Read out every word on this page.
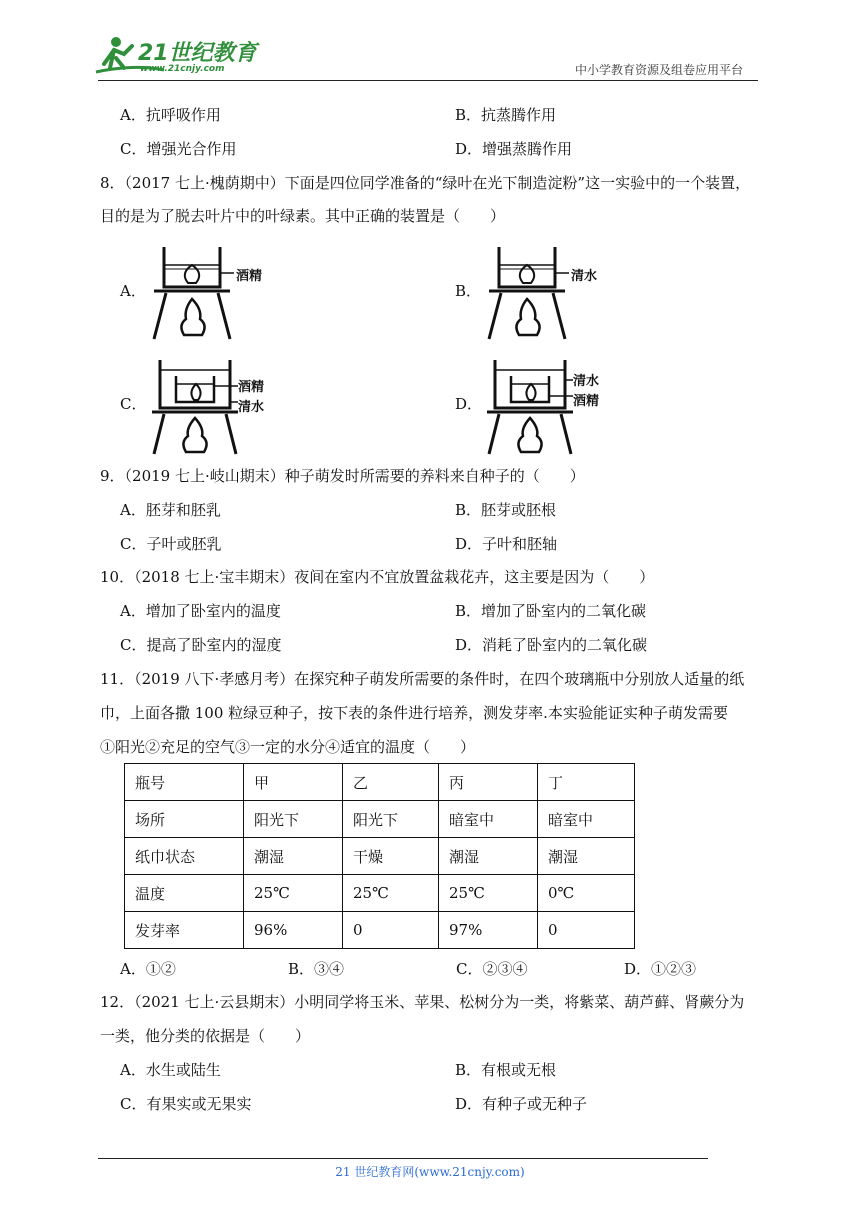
21世纪教育
www.21cnjy.com	中小学教育资源及组卷应用平台
A．抗呼吸作用	B．抗蒸腾作用
C．增强光合作用	D．增强蒸腾作用
8．（2017 七上·槐荫期中）下面是四位同学准备的“绿叶在光下制造淀粉”这一实验中的一个装置，
目的是为了脱去叶片中的叶绿素。其中正确的装置是（　　）
A．	B．
C．	D．
酒精	清水
酒精
清水
清水
酒精
9．（2019 七上·岐山期末）种子萌发时所需要的养料来自种子的（　　）
A．胚芽和胚乳	B．胚芽或胚根
C．子叶或胚乳	D．子叶和胚轴
10．（2018 七上·宝丰期末）夜间在室内不宜放置盆栽花卉，这主要是因为（　　）
A．增加了卧室内的温度	B．增加了卧室内的二氧化碳
C．提高了卧室内的湿度	D．消耗了卧室内的二氧化碳
11．（2019 八下·孝感月考）在探究种子萌发所需要的条件时，在四个玻璃瓶中分别放人适量的纸
巾，上面各撒 100 粒绿豆种子，按下表的条件进行培养，测发芽率.本实验能证实种子萌发需要
①阳光②充足的空气③一定的水分④适宜的温度（　　）
瓶号	甲	乙	丙	丁
场所	阳光下	阳光下	暗室中	暗室中
纸巾状态	潮湿	干燥	潮湿	潮湿
温度	25℃	25℃	25℃	0℃
发芽率	96%	0	97%	0
A．①②	B．③④	C．②③④	D．①②③
12．（2021 七上·云县期末）小明同学将玉米、苹果、松树分为一类，将紫菜、葫芦藓、肾蕨分为
一类，他分类的依据是（　　）
A．水生或陆生	B．有根或无根
C．有果实或无果实	D．有种子或无种子
21 世纪教育网(www.21cnjy.com)
